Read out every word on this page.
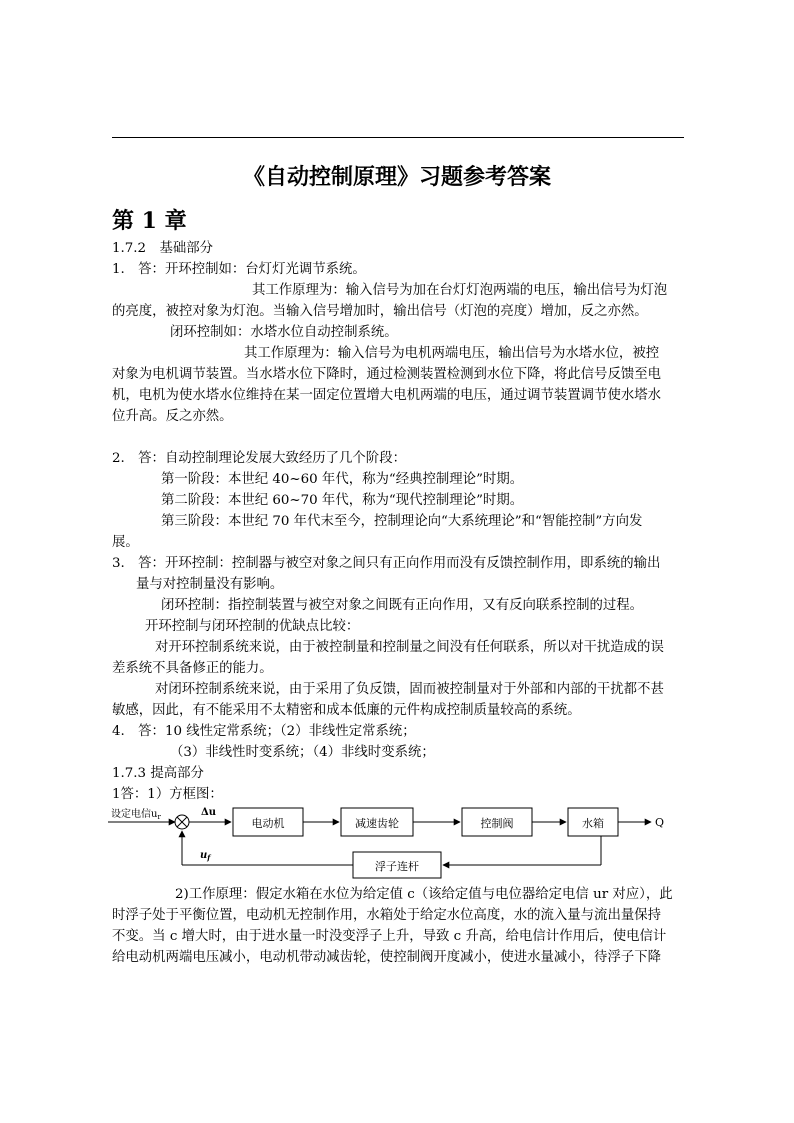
《自动控制原理》习题参考答案
第 1 章
1.7.2　基础部分
1.　答：开环控制如：台灯灯光调节系统。
其工作原理为：输入信号为加在台灯灯泡两端的电压，输出信号为灯泡
的亮度，被控对象为灯泡。当输入信号增加时，输出信号（灯泡的亮度）增加，反之亦然。
闭环控制如：水塔水位自动控制系统。
其工作原理为：输入信号为电机两端电压，输出信号为水塔水位，被控
对象为电机调节装置。当水塔水位下降时，通过检测装置检测到水位下降，将此信号反馈至电
机，电机为使水塔水位维持在某一固定位置增大电机两端的电压，通过调节装置调节使水塔水
位升高。反之亦然。
2.　答：自动控制理论发展大致经历了几个阶段：
第一阶段：本世纪 40~60 年代，称为“经典控制理论”时期。
第二阶段：本世纪 60~70 年代，称为“现代控制理论”时期。
第三阶段：本世纪 70 年代末至今，控制理论向“大系统理论”和“智能控制”方向发
展。
3.　答：开环控制：控制器与被空对象之间只有正向作用而没有反馈控制作用，即系统的输出
量与对控制量没有影响。
闭环控制：指控制装置与被空对象之间既有正向作用，又有反向联系控制的过程。
开环控制与闭环控制的优缺点比较：
对开环控制系统来说，由于被控制量和控制量之间没有任何联系，所以对干扰造成的误
差系统不具备修正的能力。
对闭环控制系统来说，由于采用了负反馈，固而被控制量对于外部和内部的干扰都不甚
敏感，因此，有不能采用不太精密和成本低廉的元件构成控制质量较高的系统。
4.　答：10 线性定常系统；（2）非线性定常系统；
（3）非线性时变系统；（4）非线时变系统；
1.7.3 提高部分
1答：1）方框图：
设定电信$u_r$	Δu
电动机	减速齿轮	控制阀	水箱	Q
浮子连杆
$u_f$
2)工作原理：假定水箱在水位为给定值 c（该给定值与电位器给定电信 ur 对应），此
时浮子处于平衡位置，电动机无控制作用，水箱处于给定水位高度，水的流入量与流出量保持
不变。当 c 增大时，由于进水量一时没变浮子上升，导致 c 升高，给电信计作用后，使电信计
给电动机两端电压减小，电动机带动减齿轮，使控制阀开度减小，使进水量减小，待浮子下降
